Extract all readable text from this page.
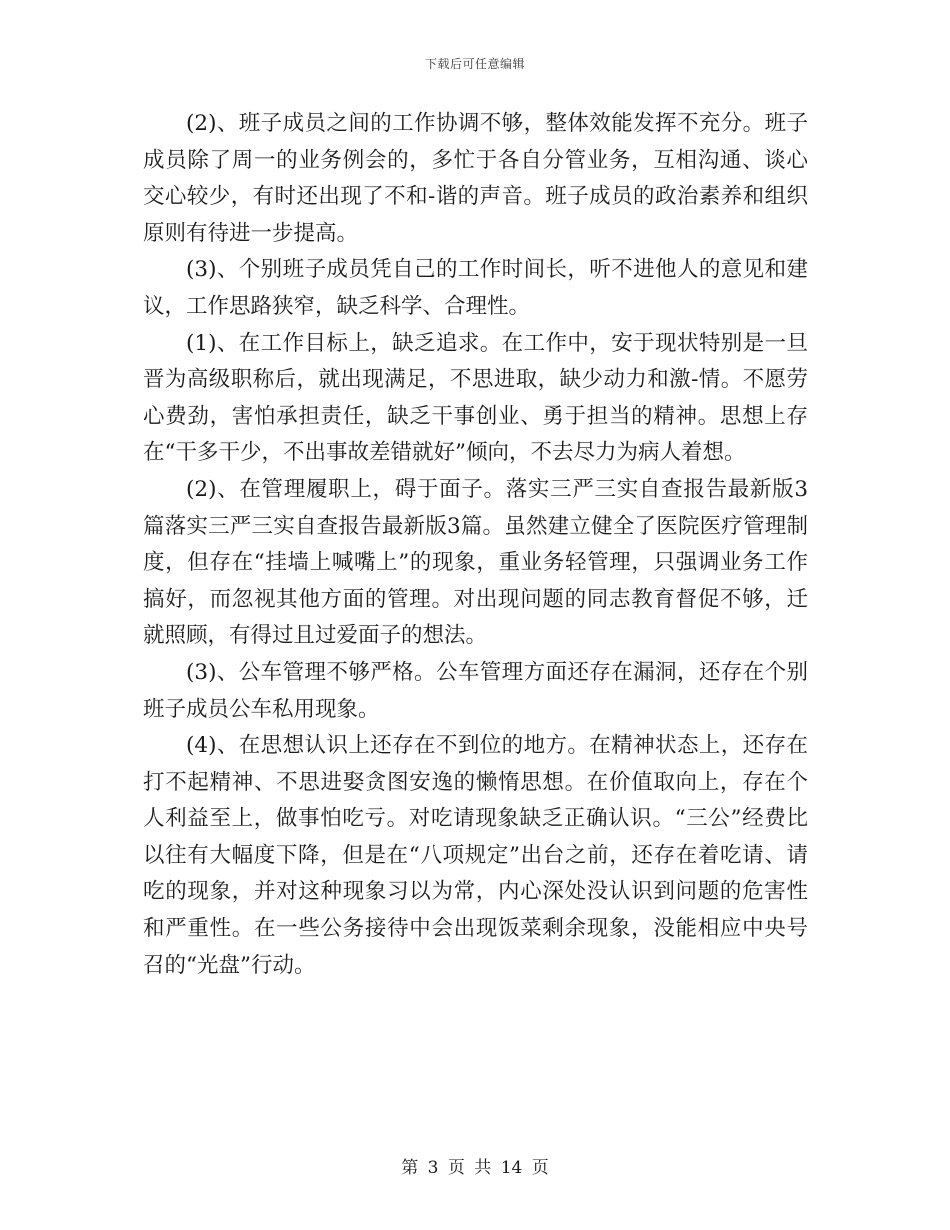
下载后可任意编辑

(2)、班子成员之间的工作协调不够，整体效能发挥不充分。班子成员除了周一的业务例会的，多忙于各自分管业务，互相沟通、谈心交心较少，有时还出现了不和-谐的声音。班子成员的政治素养和组织原则有待进一步提高。

(3)、个别班子成员凭自己的工作时间长，听不进他人的意见和建议，工作思路狭窄，缺乏科学、合理性。

(1)、在工作目标上，缺乏追求。在工作中，安于现状特别是一旦晋为高级职称后，就出现满足，不思进取，缺少动力和激-情。不愿劳心费劲，害怕承担责任，缺乏干事创业、勇于担当的精神。思想上存在“干多干少，不出事故差错就好”倾向，不去尽力为病人着想。

(2)、在管理履职上，碍于面子。落实三严三实自查报告最新版3篇落实三严三实自查报告最新版3篇。虽然建立健全了医院医疗管理制度，但存在“挂墙上喊嘴上”的现象，重业务轻管理，只强调业务工作搞好，而忽视其他方面的管理。对出现问题的同志教育督促不够，迁就照顾，有得过且过爱面子的想法。

(3)、公车管理不够严格。公车管理方面还存在漏洞，还存在个别班子成员公车私用现象。

(4)、在思想认识上还存在不到位的地方。在精神状态上，还存在打不起精神、不思进娶贪图安逸的懒惰思想。在价值取向上，存在个人利益至上，做事怕吃亏。对吃请现象缺乏正确认识。“三公”经费比以往有大幅度下降，但是在“八项规定”出台之前，还存在着吃请、请吃的现象，并对这种现象习以为常，内心深处没认识到问题的危害性和严重性。在一些公务接待中会出现饭菜剩余现象，没能相应中央号召的“光盘”行动。

第 3 页 共 14 页
